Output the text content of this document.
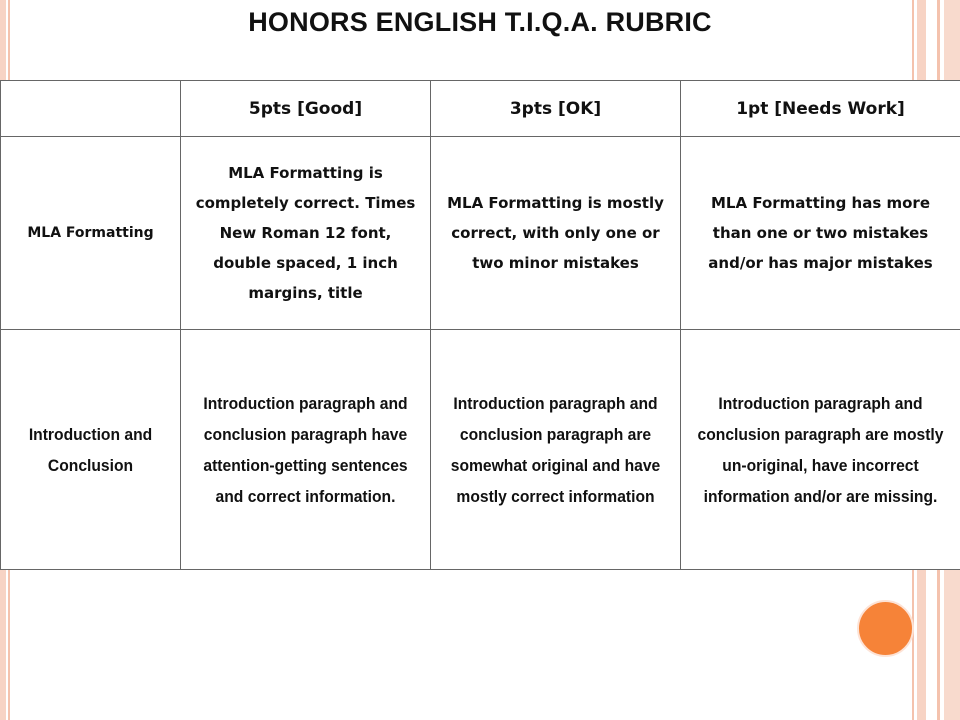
HONORS ENGLISH T.I.Q.A. RUBRIC
	5pts [Good]	3pts [OK]	1pt [Needs Work]
MLA Formatting	MLA Formatting is completely correct. Times New Roman 12 font, double spaced, 1 inch margins, title	MLA Formatting is mostly correct, with only one or two minor mistakes	MLA Formatting has more than one or two mistakes and/or has major mistakes

Introduction and Conclusion	Introduction paragraph and conclusion paragraph have attention-getting sentences and correct information.	Introduction paragraph and conclusion paragraph are somewhat original and have mostly correct information	Introduction paragraph and conclusion paragraph are mostly un-original, have incorrect information and/or are missing.
